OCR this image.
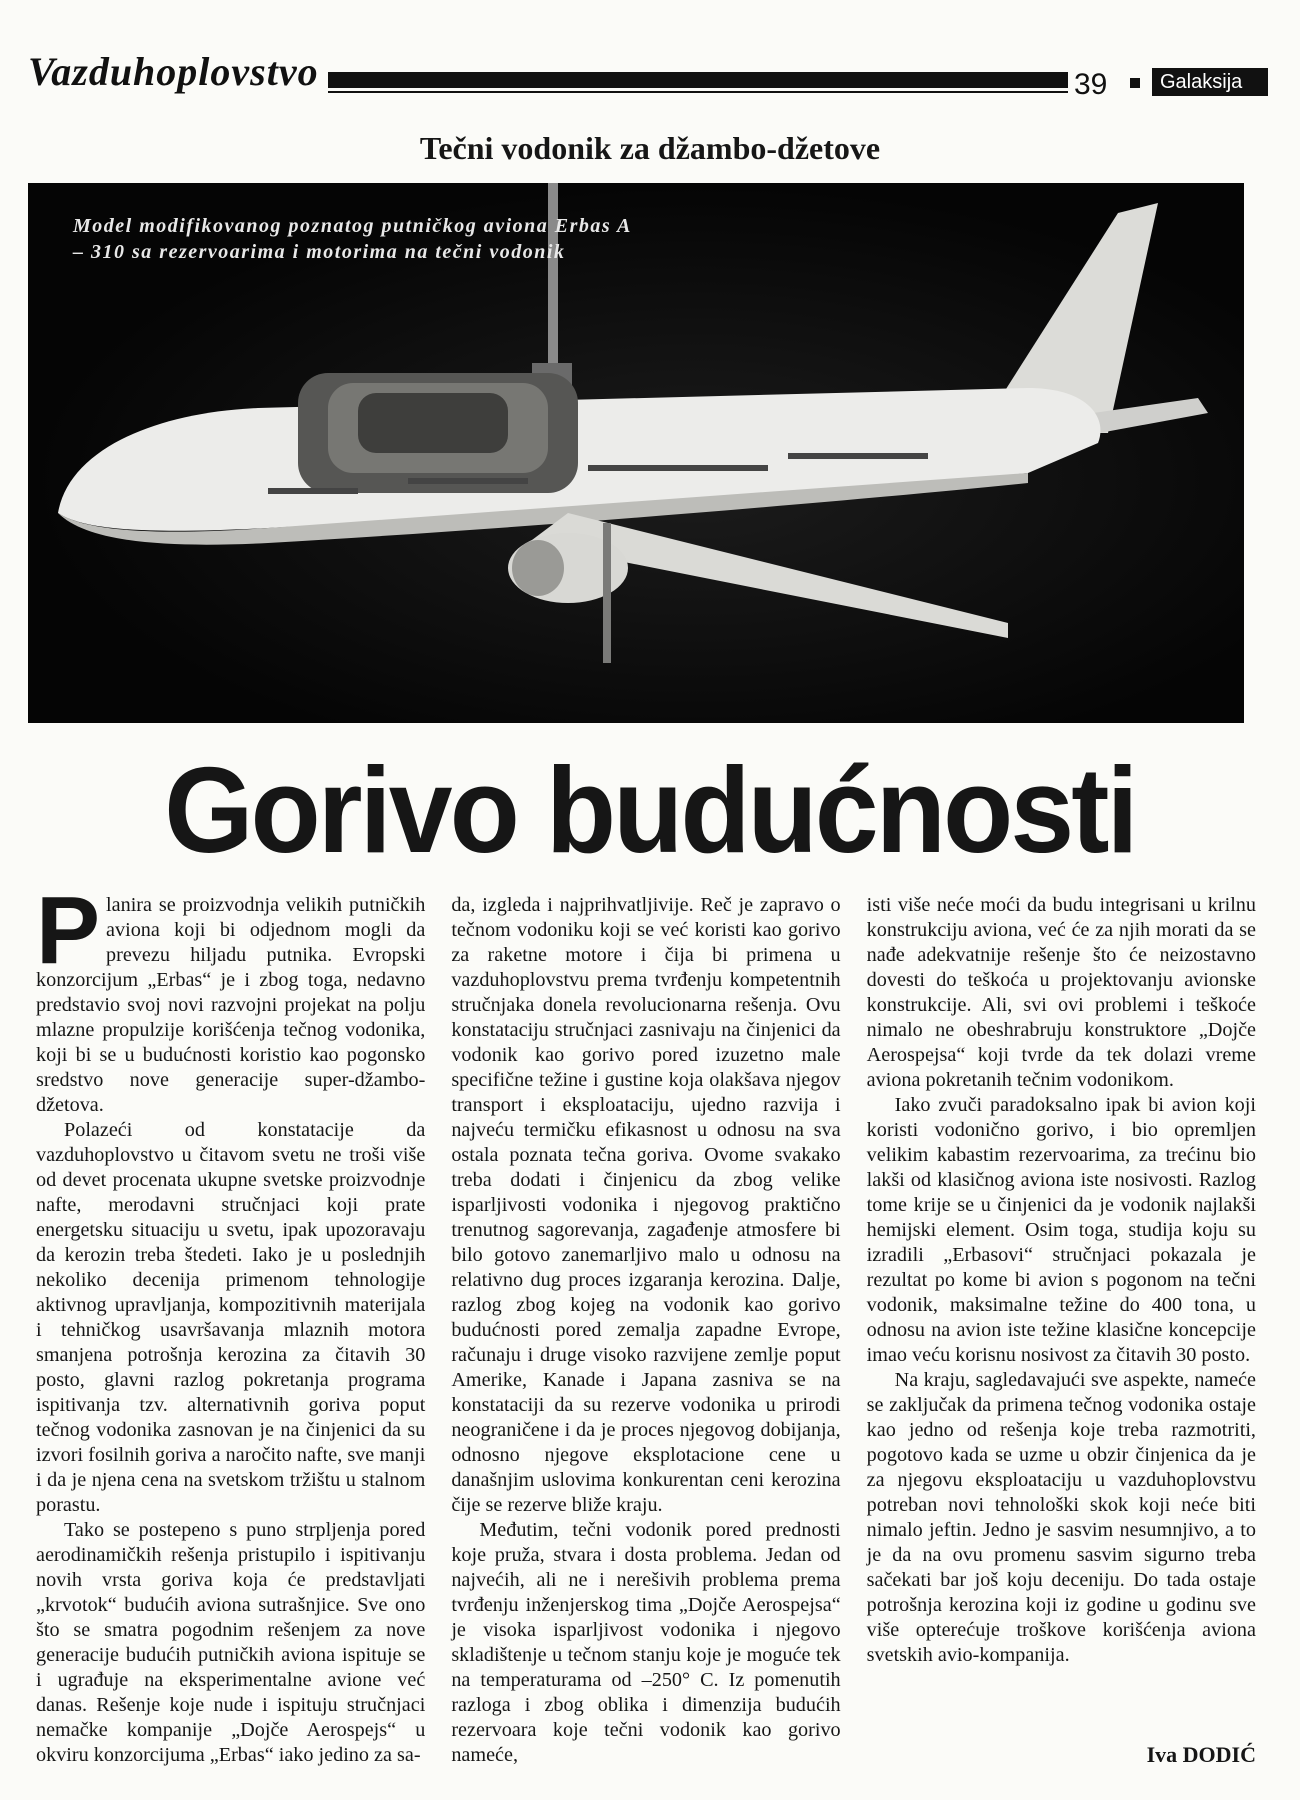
Vazduhoplovstvo	39	Galaksija
Tečni vodonik za džambo-džetove
Model modifikovanog poznatog putničkog aviona Erbas A – 310 sa rezervoarima i motorima na tečni vodonik
Gorivo budućnosti
P lanira se proizvodnja velikih putničkih aviona koji bi odjednom mogli da prevezu hiljadu putnika. Evropski konzorcijum „Erbas“ je i zbog toga, nedavno predstavio svoj novi razvojni projekat na polju mlazne propulzije korišćenja tečnog vodonika, koji bi se u budućnosti koristio kao pogonsko sredstvo nove generacije super-džambo-džetova.

Polazeći od konstatacije da vazduhoplovstvo u čitavom svetu ne troši više od devet procenata ukupne svetske proizvodnje nafte, merodavni stručnjaci koji prate energetsku situaciju u svetu, ipak upozoravaju da kerozin treba štedeti. Iako je u poslednjih nekoliko decenija primenom tehnologije aktivnog upravljanja, kompozitivnih materijala i tehničkog usavršavanja mlaznih motora smanjena potrošnja kerozina za čitavih 30 posto, glavni razlog pokretanja programa ispitivanja tzv. alternativnih goriva poput tečnog vodonika zasnovan je na činjenici da su izvori fosilnih goriva a naročito nafte, sve manji i da je njena cena na svetskom tržištu u stalnom porastu.

Tako se postepeno s puno strpljenja pored aerodinamičkih rešenja pristupilo i ispitivanju novih vrsta goriva koja će predstavljati „krvotok“ budućih aviona sutrašnjice. Sve ono što se smatra pogodnim rešenjem za nove generacije budućih putničkih aviona ispituje se i ugrađuje na eksperimentalne avione već danas. Rešenje koje nude i ispituju stručnjaci nemačke kompanije „Dojče Aerospejs“ u okviru konzorcijuma „Erbas“ iako jedino za sa-

da, izgleda i najprihvatljivije. Reč je zapravo o tečnom vodoniku koji se već koristi kao gorivo za raketne motore i čija bi primena u vazduhoplovstvu prema tvrđenju kompetentnih stručnjaka donela revolucionarna rešenja. Ovu konstataciju stručnjaci zasnivaju na činjenici da vodonik kao gorivo pored izuzetno male specifične težine i gustine koja olakšava njegov transport i eksploataciju, ujedno razvija i najveću termičku efikasnost u odnosu na sva ostala poznata tečna goriva. Ovome svakako treba dodati i činjenicu da zbog velike isparljivosti vodonika i njegovog praktično trenutnog sagorevanja, zagađenje atmosfere bi bilo gotovo zanemarljivo malo u odnosu na relativno dug proces izgaranja kerozina. Dalje, razlog zbog kojeg na vodonik kao gorivo budućnosti pored zemalja zapadne Evrope, računaju i druge visoko razvijene zemlje poput Amerike, Kanade i Japana zasniva se na konstataciji da su rezerve vodonika u prirodi neograničene i da je proces njegovog dobijanja, odnosno njegove eksplotacione cene u današnjim uslovima konkurentan ceni kerozina čije se rezerve bliže kraju.

Međutim, tečni vodonik pored prednosti koje pruža, stvara i dosta problema. Jedan od najvećih, ali ne i nerešivih problema prema tvrđenju inženjerskog tima „Dojče Aerospejsa“ je visoka isparljivost vodonika i njegovo skladištenje u tečnom stanju koje je moguće tek na temperaturama od –250° C. Iz pomenutih razloga i zbog oblika i dimenzija budućih rezervoara koje tečni vodonik kao gorivo nameće,

isti više neće moći da budu integrisani u krilnu konstrukciju aviona, već će za njih morati da se nađe adekvatnije rešenje što će neizostavno dovesti do teškoća u projektovanju avionske konstrukcije. Ali, svi ovi problemi i teškoće nimalo ne obeshrabruju konstruktore „Dojče Aerospejsa“ koji tvrde da tek dolazi vreme aviona pokretanih tečnim vodonikom.

Iako zvuči paradoksalno ipak bi avion koji koristi vodonično gorivo, i bio opremljen velikim kabastim rezervoarima, za trećinu bio lakši od klasičnog aviona iste nosivosti. Razlog tome krije se u činjenici da je vodonik najlakši hemijski element. Osim toga, studija koju su izradili „Erbasovi“ stručnjaci pokazala je rezultat po kome bi avion s pogonom na tečni vodonik, maksimalne težine do 400 tona, u odnosu na avion iste težine klasične koncepcije imao veću korisnu nosivost za čitavih 30 posto.

Na kraju, sagledavajući sve aspekte, nameće se zaključak da primena tečnog vodonika ostaje kao jedno od rešenja koje treba razmotriti, pogotovo kada se uzme u obzir činjenica da je za njegovu eksploataciju u vazduhoplovstvu potreban novi tehnološki skok koji neće biti nimalo jeftin. Jedno je sasvim nesumnjivo, a to je da na ovu promenu sasvim sigurno treba sačekati bar još koju deceniju. Do tada ostaje potrošnja kerozina koji iz godine u godinu sve više opterećuje troškove korišćenja aviona svetskih avio-kompanija.

Iva DODIĆ
